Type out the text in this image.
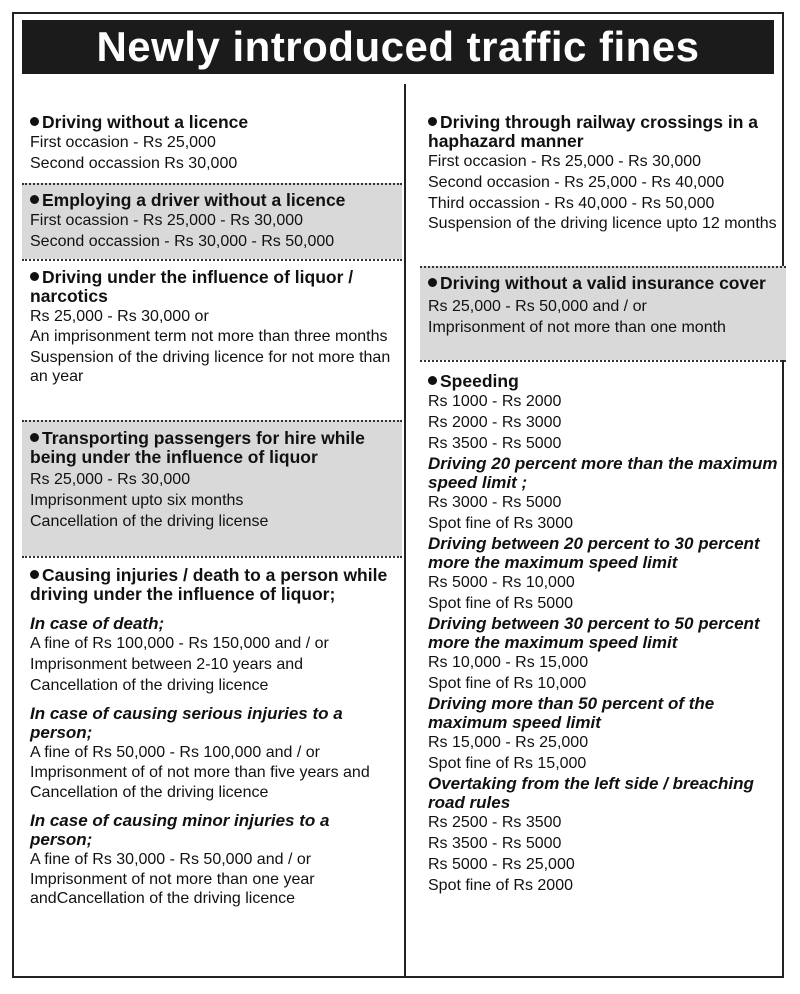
Newly introduced traffic fines

Driving without a licence

First occasion - Rs 25,000

Second occassion Rs 30,000

Employing a driver without a licence

First ocassion - Rs 25,000 - Rs 30,000

Second occassion - Rs 30,000 - Rs 50,000

Driving under the influence of liquor / narcotics

Rs 25,000 - Rs 30,000 or

An imprisonment term not more than three months

Suspension of the driving licence for not more than an year

Transporting passengers for hire while being under the influence of liquor

Rs 25,000 - Rs 30,000

Imprisonment upto six months

Cancellation of the driving license

Causing injuries / death to a person while driving under the influence of liquor;

In case of death;

A fine of Rs 100,000 - Rs 150,000 and / or

Imprisonment between 2-10 years and

Cancellation of the driving licence

In case of causing serious injuries to a person;

A fine of Rs 50,000 - Rs 100,000 and / or

Imprisonment of of not more than five years and

Cancellation of the driving licence

In case of causing minor injuries to a person;

A fine of Rs 30,000 - Rs 50,000 and / or

Imprisonment of not more than one year andCancellation of the driving licence

Driving through railway crossings in a haphazard manner

First occasion - Rs 25,000 - Rs 30,000

Second occasion - Rs 25,000 - Rs 40,000

Third occassion - Rs 40,000 - Rs 50,000

Suspension of the driving licence upto 12 months

Driving without a valid insurance cover

Rs 25,000 - Rs 50,000 and / or

Imprisonment of not more than one month

Speeding

Rs 1000 - Rs 2000

Rs 2000 - Rs 3000

Rs 3500 - Rs 5000

Driving 20 percent more than the maximum speed limit ;

Rs 3000 - Rs 5000

Spot fine of Rs 3000

Driving between 20 percent to 30 percent more the maximum speed limit

Rs 5000 - Rs 10,000

Spot fine of Rs 5000

Driving between 30 percent to 50 percent more the maximum speed limit

Rs 10,000 - Rs 15,000

Spot fine of Rs 10,000

Driving more than 50 percent of the maximum speed limit

Rs 15,000 - Rs 25,000

Spot fine of Rs 15,000

Overtaking from the left side / breaching road rules

Rs 2500 - Rs 3500

Rs 3500 - Rs 5000

Rs 5000 - Rs 25,000

Spot fine of Rs 2000
